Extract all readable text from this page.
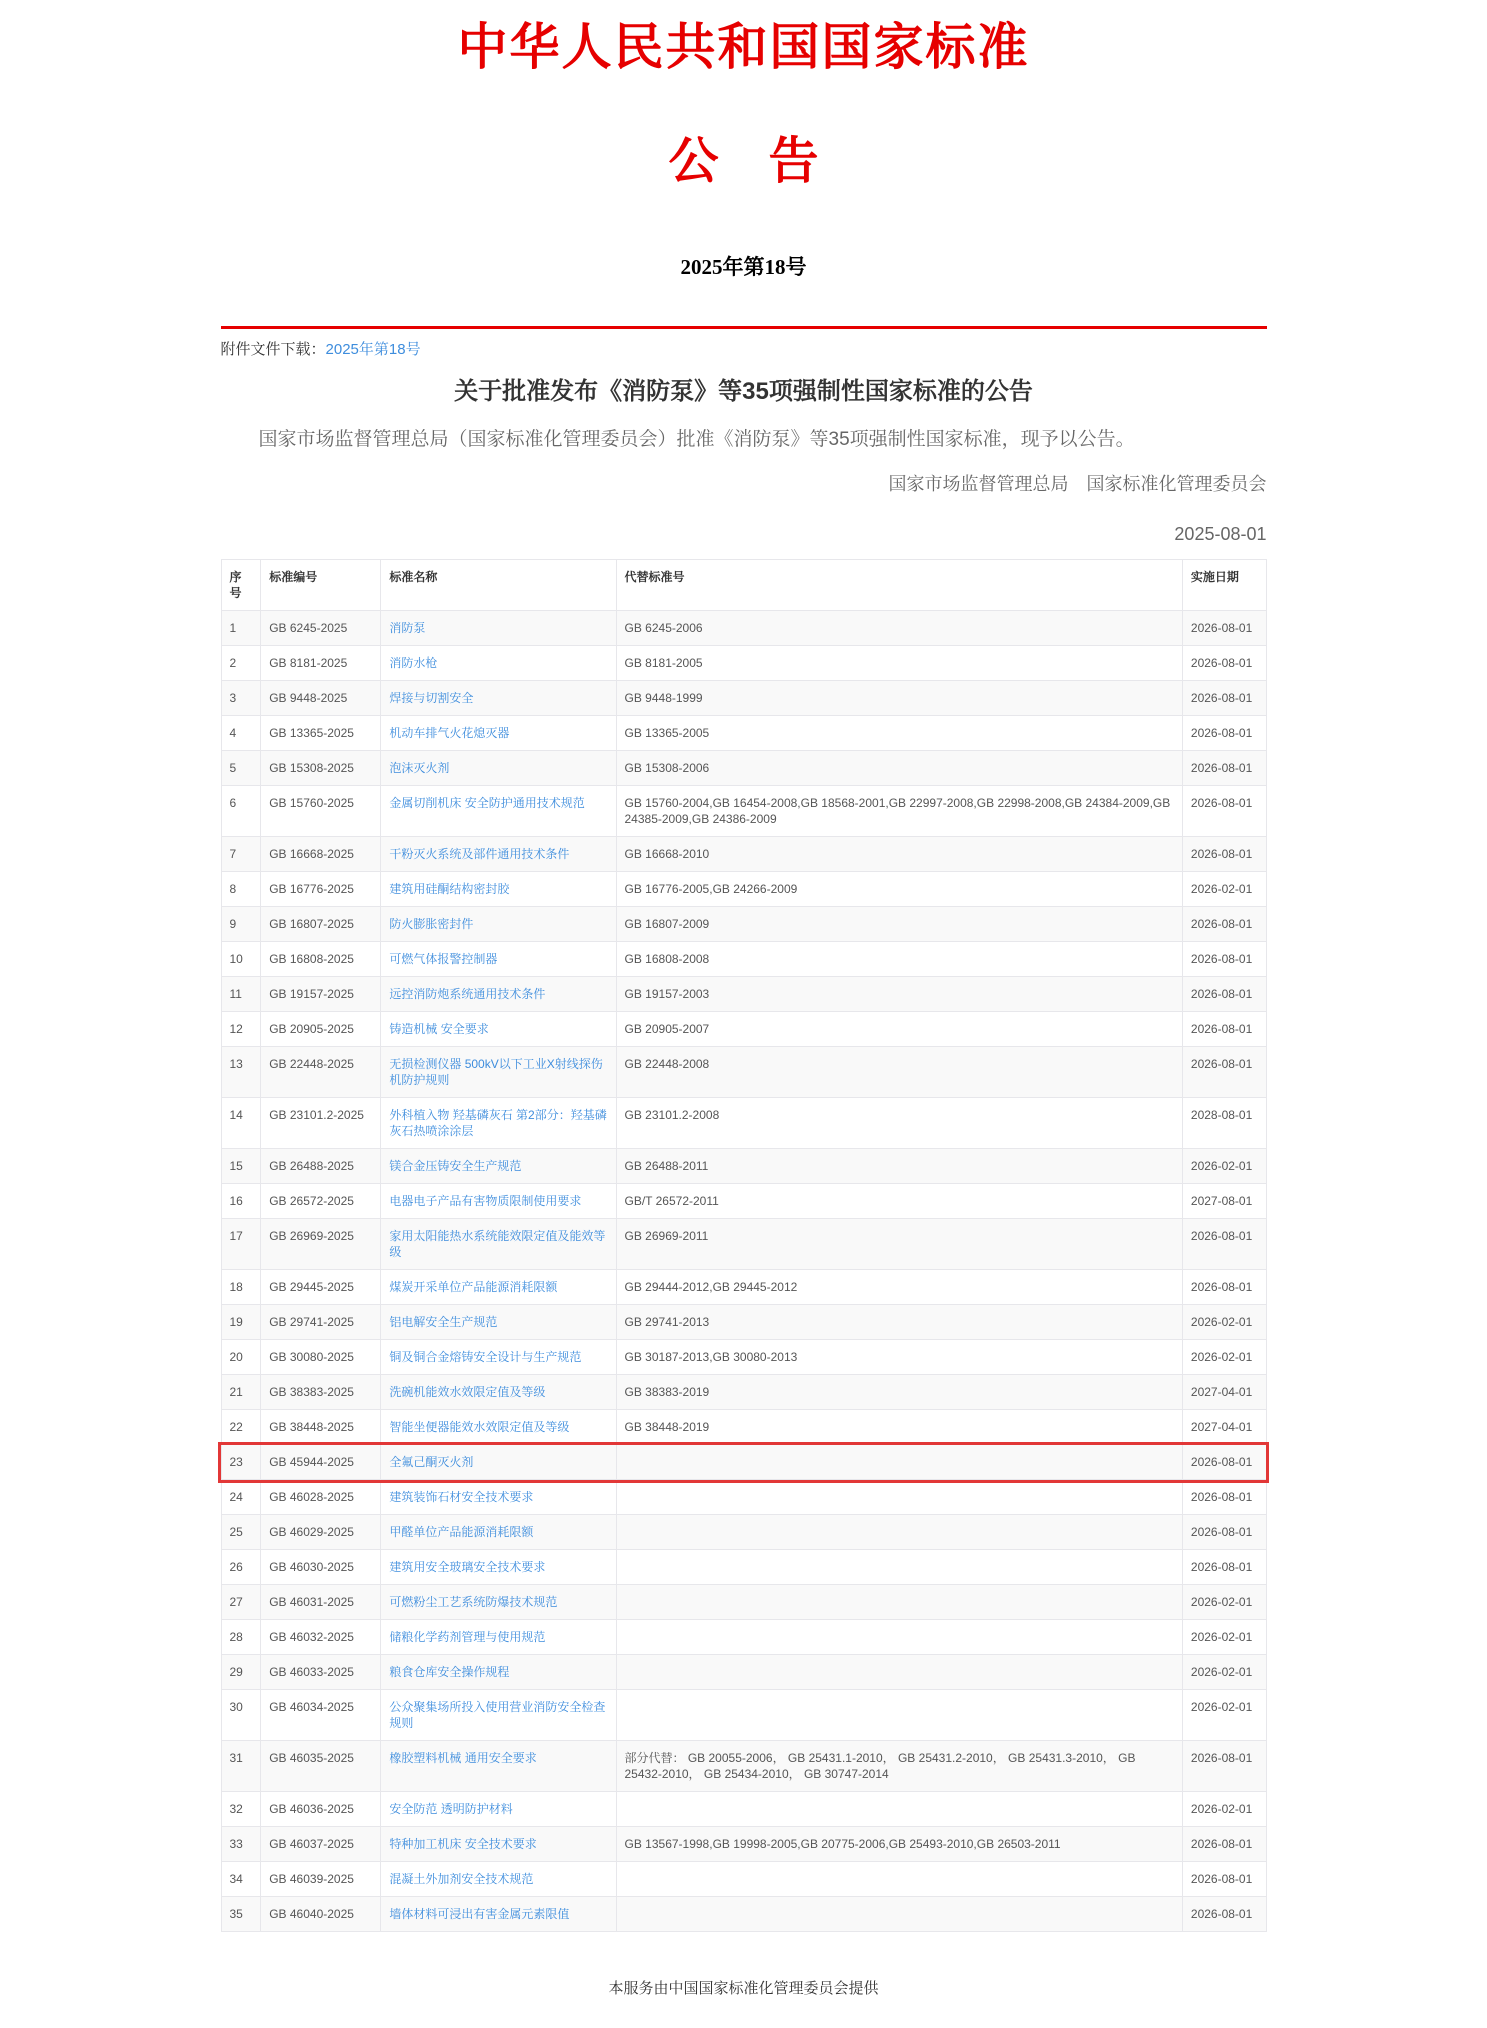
中华人民共和国国家标准
公　告
2025年第18号
附件文件下载：2025年第18号
关于批准发布《消防泵》等35项强制性国家标准的公告

国家市场监督管理总局（国家标准化管理委员会）批准《消防泵》等35项强制性国家标准，现予以公告。

国家市场监督管理总局　国家标准化管理委员会
2025-08-01
序号	标准编号	标准名称	代替标准号	实施日期
1	GB 6245-2025	消防泵	GB 6245-2006	2026-08-01
2	GB 8181-2025	消防水枪	GB 8181-2005	2026-08-01
3	GB 9448-2025	焊接与切割安全	GB 9448-1999	2026-08-01
4	GB 13365-2025	机动车排气火花熄灭器	GB 13365-2005	2026-08-01
5	GB 15308-2025	泡沫灭火剂	GB 15308-2006	2026-08-01
6	GB 15760-2025	金属切削机床 安全防护通用技术规范	GB 15760-2004,GB 16454-2008,GB 18568-2001,GB 22997-2008,GB 22998-2008,GB 24384-2009,GB 24385-2009,GB 24386-2009	2026-08-01
7	GB 16668-2025	干粉灭火系统及部件通用技术条件	GB 16668-2010	2026-08-01
8	GB 16776-2025	建筑用硅酮结构密封胶	GB 16776-2005,GB 24266-2009	2026-02-01
9	GB 16807-2025	防火膨胀密封件	GB 16807-2009	2026-08-01
10	GB 16808-2025	可燃气体报警控制器	GB 16808-2008	2026-08-01
11	GB 19157-2025	远控消防炮系统通用技术条件	GB 19157-2003	2026-08-01
12	GB 20905-2025	铸造机械 安全要求	GB 20905-2007	2026-08-01
13	GB 22448-2025	无损检测仪器 500kV以下工业X射线探伤机防护规则	GB 22448-2008	2026-08-01
14	GB 23101.2-2025	外科植入物 羟基磷灰石 第2部分：羟基磷灰石热喷涂涂层	GB 23101.2-2008	2028-08-01
15	GB 26488-2025	镁合金压铸安全生产规范	GB 26488-2011	2026-02-01
16	GB 26572-2025	电器电子产品有害物质限制使用要求	GB/T 26572-2011	2027-08-01
17	GB 26969-2025	家用太阳能热水系统能效限定值及能效等级	GB 26969-2011	2026-08-01
18	GB 29445-2025	煤炭开采单位产品能源消耗限额	GB 29444-2012,GB 29445-2012	2026-08-01
19	GB 29741-2025	铝电解安全生产规范	GB 29741-2013	2026-02-01
20	GB 30080-2025	铜及铜合金熔铸安全设计与生产规范	GB 30187-2013,GB 30080-2013	2026-02-01
21	GB 38383-2025	洗碗机能效水效限定值及等级	GB 38383-2019	2027-04-01
22	GB 38448-2025	智能坐便器能效水效限定值及等级	GB 38448-2019	2027-04-01
23	GB 45944-2025	全氟己酮灭火剂		2026-08-01
24	GB 46028-2025	建筑装饰石材安全技术要求		2026-08-01
25	GB 46029-2025	甲醛单位产品能源消耗限额		2026-08-01
26	GB 46030-2025	建筑用安全玻璃安全技术要求		2026-08-01
27	GB 46031-2025	可燃粉尘工艺系统防爆技术规范		2026-02-01
28	GB 46032-2025	储粮化学药剂管理与使用规范		2026-02-01
29	GB 46033-2025	粮食仓库安全操作规程		2026-02-01
30	GB 46034-2025	公众聚集场所投入使用营业消防安全检查规则		2026-02-01
31	GB 46035-2025	橡胶塑料机械 通用安全要求	部分代替： GB 20055-2006， GB 25431.1-2010， GB 25431.2-2010， GB 25431.3-2010， GB 25432-2010， GB 25434-2010， GB 30747-2014	2026-08-01
32	GB 46036-2025	安全防范 透明防护材料		2026-02-01
33	GB 46037-2025	特种加工机床 安全技术要求	GB 13567-1998,GB 19998-2005,GB 20775-2006,GB 25493-2010,GB 26503-2011	2026-08-01
34	GB 46039-2025	混凝土外加剂安全技术规范		2026-08-01
35	GB 46040-2025	墙体材料可浸出有害金属元素限值		2026-08-01
本服务由中国国家标准化管理委员会提供
